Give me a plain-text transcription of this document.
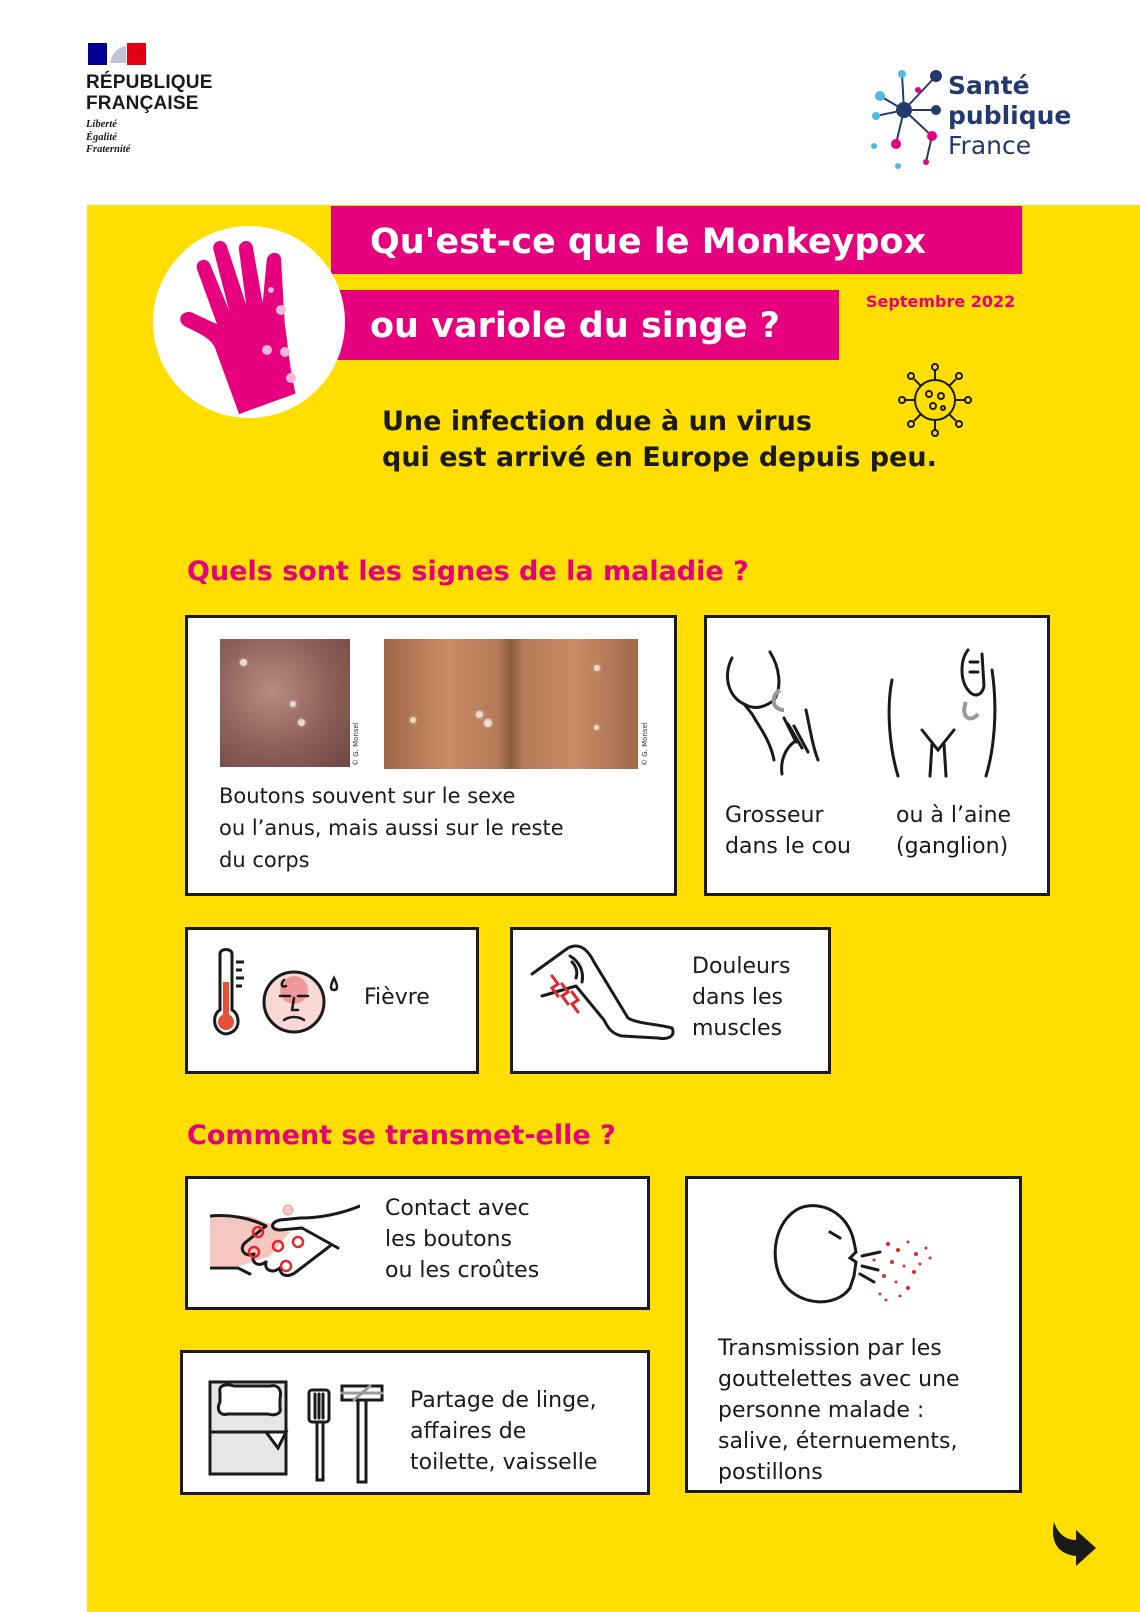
RÉPUBLIQUE
FRANÇAISE
Liberté
Égalité
Fraternité
Santé
publique
France
Qu'est-ce que le Monkeypox
ou variole du singe ?
Septembre 2022
Une infection due à un virus
qui est arrivé en Europe depuis peu.
Quels sont les signes de la maladie ?
© G. Monsel	© G. Monsel
Boutons souvent sur le sexe
ou l’anus, mais aussi sur le reste
du corps
Grosseur
dans le cou
ou à l’aine
(ganglion)
Fièvre
Douleurs
dans les
muscles
Comment se transmet-elle ?
Contact avec
les boutons
ou les croûtes
Partage de linge,
affaires de
toilette, vaisselle
Transmission par les
gouttelettes avec une
personne malade :
salive, éternuements,
postillons
